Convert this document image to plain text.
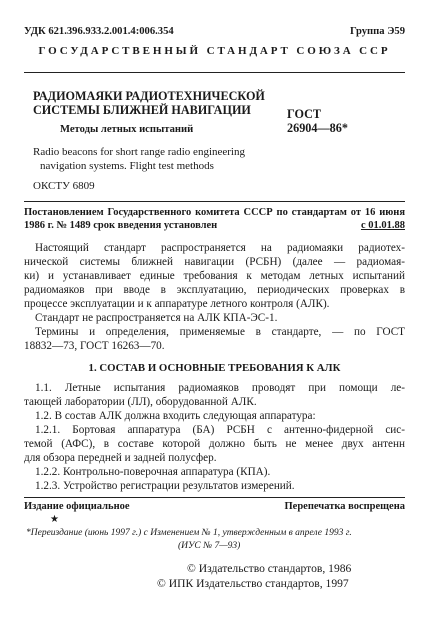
УДК 621.396.933.2.001.4:006.354	Группа Э59
ГОСУДАРСТВЕННЫЙ СТАНДАРТ СОЮЗА ССР
РАДИОМАЯКИ РАДИОТЕХНИЧЕСКОЙ
СИСТЕМЫ БЛИЖНЕЙ НАВИГАЦИИ	ГОСТ
26904—86*
Методы летных испытаний
Radio beacons for short range radio engineering
navigation systems. Flight test methods
ОКСТУ 6809
Постановлением Государственного комитета СССР по стандартам от 16 июня
1986 г. № 1489 срок введения установлен	с 01.01.88
Настоящий стандарт распространяется на радиомаяки радиотех-
нической системы ближней навигации (РСБН) (далее — радиомая-
ки) и устанавливает единые требования к методам летных испытаний
радиомаяков при вводе в эксплуатацию, периодических проверках в
процессе эксплуатации и к аппаратуре летного контроля (АЛК).
Стандарт не распространяется на АЛК КПА-ЭС-1.
Термины и определения, применяемые в стандарте, — по ГОСТ
18832—73, ГОСТ 16263—70.
1. СОСТАВ И ОСНОВНЫЕ ТРЕБОВАНИЯ К АЛК
1.1. Летные испытания радиомаяков проводят при помощи ле-
тающей лаборатории (ЛЛ), оборудованной АЛК.
1.2. В состав АЛК должна входить следующая аппаратура:
1.2.1. Бортовая аппаратура (БА) РСБН с антенно-фидерной сис-
темой (АФС), в составе которой должно быть не менее двух антенн
для обзора передней и задней полусфер.
1.2.2. Контрольно-поверочная аппаратура (КПА).
1.2.3. Устройство регистрации результатов измерений.
Издание официальное	Перепечатка воспрещена
★
*Переиздание (июнь 1997 г.) с Изменением № 1, утвержденным в апреле 1993 г.
(ИУС № 7—93)
© Издательство стандартов, 1986
© ИПК Издательство стандартов, 1997
